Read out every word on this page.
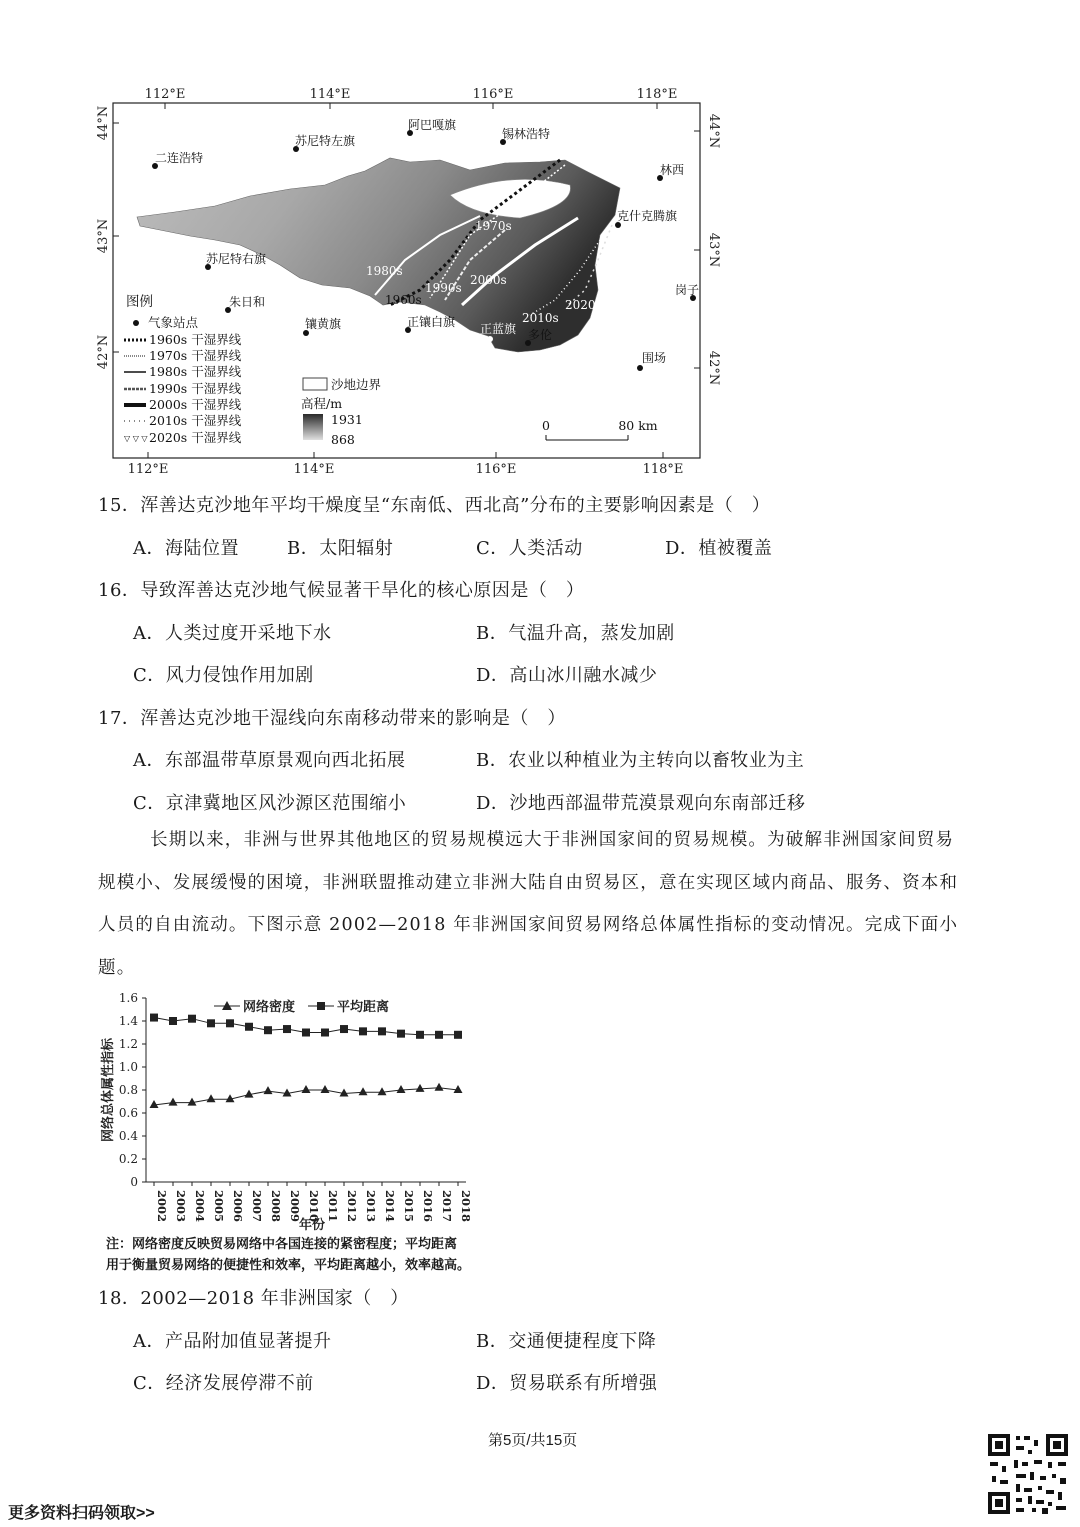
112°E	114°E	116°E	118°E
112°E	114°E	116°E	118°E
44°N
43°N
42°N
44°N
43°N
42°N
二连浩特
苏尼特左旗
阿巴嘎旗
锡林浩特
林西
克什克腾旗
苏尼特右旗
朱日和
镶黄旗	正镶白旗 正蓝旗 多伦
岗子
围场
1970s
1980s
1990s
2000s
1960s
2010s
2020s
图例
气象站点
1960s 干湿界线
1970s 干湿界线
1980s 干湿界线
1990s 干湿界线
2000s 干湿界线
2010s 干湿界线
▽ ▽ ▽ 2020s 干湿界线
沙地边界
高程/m
1931
868
0	80 km
15．浑善达克沙地年平均干燥度呈“东南低、西北高”分布的主要影响因素是（　）
A．海陆位置	B．太阳辐射	C．人类活动	D．植被覆盖
16．导致浑善达克沙地气候显著干旱化的核心原因是（　）
A．人类过度开采地下水	B．气温升高，蒸发加剧
C．风力侵蚀作用加剧	D．高山冰川融水减少
17．浑善达克沙地干湿线向东南移动带来的影响是（　）
A．东部温带草原景观向西北拓展	B．农业以种植业为主转向以畜牧业为主
C．京津冀地区风沙源区范围缩小	D．沙地西部温带荒漠景观向东南部迁移
长期以来，非洲与世界其他地区的贸易规模远大于非洲国家间的贸易规模。为破解非洲国家间贸易
规模小、发展缓慢的困境，非洲联盟推动建立非洲大陆自由贸易区，意在实现区域内商品、服务、资本和
人员的自由流动。下图示意 2002—2018 年非洲国家间贸易网络总体属性指标的变动情况。完成下面小
题。
网络总体属性指标
年份
网络密度	平均距离
0
0.2
0.4
0.6
0.8
1.0
1.2
1.4
1.6
2002 2003 2004 2005 2006 2007 2008 2009 2010 2011 2012 2013 2014 2015 2016 2017 2018
注：网络密度反映贸易网络中各国连接的紧密程度；平均距离
用于衡量贸易网络的便捷性和效率，平均距离越小，效率越高。
18．2002—2018 年非洲国家（　）
A．产品附加值显著提升	B．交通便捷程度下降
C．经济发展停滞不前	D．贸易联系有所增强
第5页/共15页
更多资料扫码领取>>
